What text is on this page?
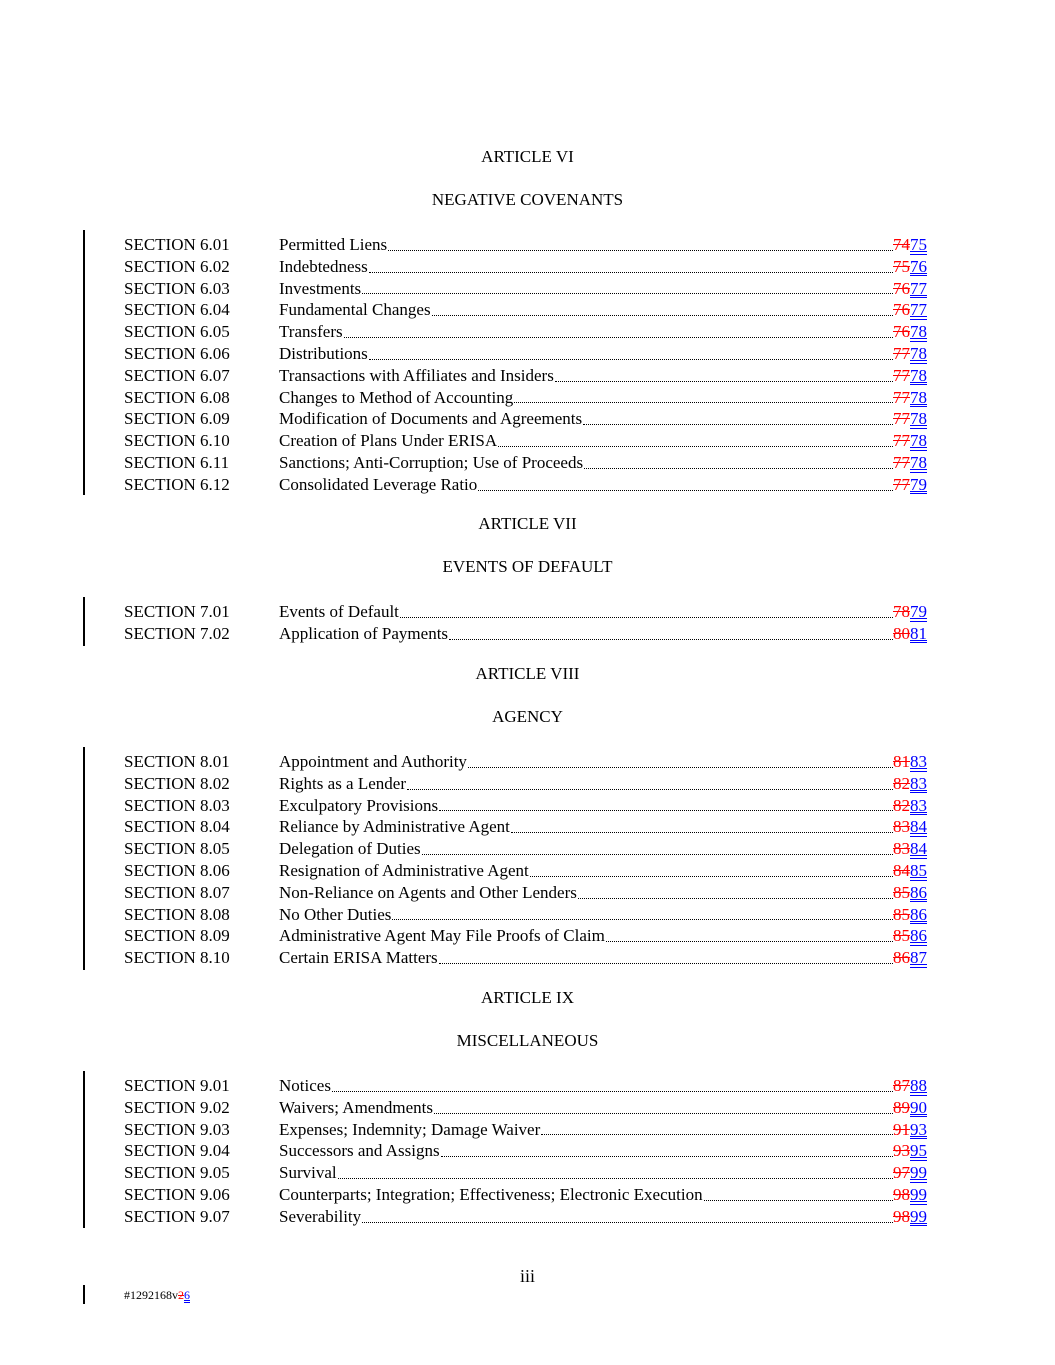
ARTICLE VI
NEGATIVE COVENANTS
SECTION 6.01	Permitted Liens	7475
SECTION 6.02	Indebtedness	7576
SECTION 6.03	Investments	7677
SECTION 6.04	Fundamental Changes	7677
SECTION 6.05	Transfers	7678
SECTION 6.06	Distributions	7778
SECTION 6.07	Transactions with Affiliates and Insiders	7778
SECTION 6.08	Changes to Method of Accounting	7778
SECTION 6.09	Modification of Documents and Agreements	7778
SECTION 6.10	Creation of Plans Under ERISA	7778
SECTION 6.11	Sanctions; Anti-Corruption; Use of Proceeds	7778
SECTION 6.12	Consolidated Leverage Ratio	7779
ARTICLE VII
EVENTS OF DEFAULT
SECTION 7.01	Events of Default	7879
SECTION 7.02	Application of Payments	8081
ARTICLE VIII
AGENCY
SECTION 8.01	Appointment and Authority	8183
SECTION 8.02	Rights as a Lender	8283
SECTION 8.03	Exculpatory Provisions	8283
SECTION 8.04	Reliance by Administrative Agent	8384
SECTION 8.05	Delegation of Duties	8384
SECTION 8.06	Resignation of Administrative Agent	8485
SECTION 8.07	Non-Reliance on Agents and Other Lenders	8586
SECTION 8.08	No Other Duties	8586
SECTION 8.09	Administrative Agent May File Proofs of Claim	8586
SECTION 8.10	Certain ERISA Matters	8687
ARTICLE IX
MISCELLANEOUS
SECTION 9.01	Notices	8788
SECTION 9.02	Waivers; Amendments	8990
SECTION 9.03	Expenses; Indemnity; Damage Waiver	9193
SECTION 9.04	Successors and Assigns	9395
SECTION 9.05	Survival	9799
SECTION 9.06	Counterparts; Integration; Effectiveness; Electronic Execution	9899
SECTION 9.07	Severability	9899
iii
#1292168v26
